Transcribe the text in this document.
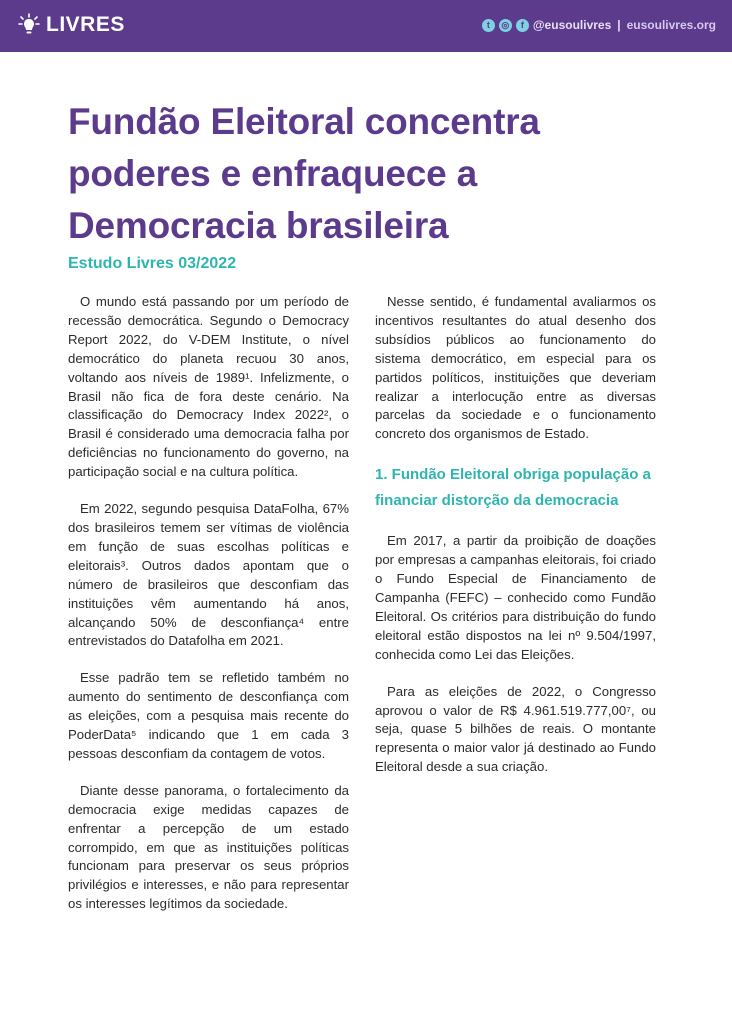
LIVRES	t	◎	f @eusoulivres | eusoulivres.org
Fundão Eleitoral concentra poderes e enfraquece a Democracia brasileira
Estudo Livres 03/2022

O mundo está passando por um período de recessão democrática. Segundo o Democracy Report 2022, do V-DEM Institute, o nível democrático do planeta recuou 30 anos, voltando aos níveis de 1989¹. Infelizmente, o Brasil não fica de fora deste cenário. Na classificação do Democracy Index 2022², o Brasil é considerado uma democracia falha por deficiências no funcionamento do governo, na participação social e na cultura política.

Em 2022, segundo pesquisa DataFolha, 67% dos brasileiros temem ser vítimas de violência em função de suas escolhas políticas e eleitorais³. Outros dados apontam que o número de brasileiros que desconfiam das instituições vêm aumentando há anos, alcançando 50% de desconfiança⁴ entre entrevistados do Datafolha em 2021.

Esse padrão tem se refletido também no aumento do sentimento de desconfiança com as eleições, com a pesquisa mais recente do PoderData⁵ indicando que 1 em cada 3 pessoas desconfiam da contagem de votos.

Diante desse panorama, o fortalecimento da democracia exige medidas capazes de enfrentar a percepção de um estado corrompido, em que as instituições políticas funcionam para preservar os seus próprios privilégios e interesses, e não para representar os interesses legítimos da sociedade.

Nesse sentido, é fundamental avaliarmos os incentivos resultantes do atual desenho dos subsídios públicos ao funcionamento do sistema democrático, em especial para os partidos políticos, instituições que deveriam realizar a interlocução entre as diversas parcelas da sociedade e o funcionamento concreto dos organismos de Estado.

1. Fundão Eleitoral obriga população a financiar distorção da democracia

Em 2017, a partir da proibição de doações por empresas a campanhas eleitorais, foi criado o Fundo Especial de Financiamento de Campanha (FEFC) – conhecido como Fundão Eleitoral. Os critérios para distribuição do fundo eleitoral estão dispostos na lei nº 9.504/1997, conhecida como Lei das Eleições.

Para as eleições de 2022, o Congresso aprovou o valor de R$ 4.961.519.777,00⁷, ou seja, quase 5 bilhões de reais. O montante representa o maior valor já destinado ao Fundo Eleitoral desde a sua criação.
